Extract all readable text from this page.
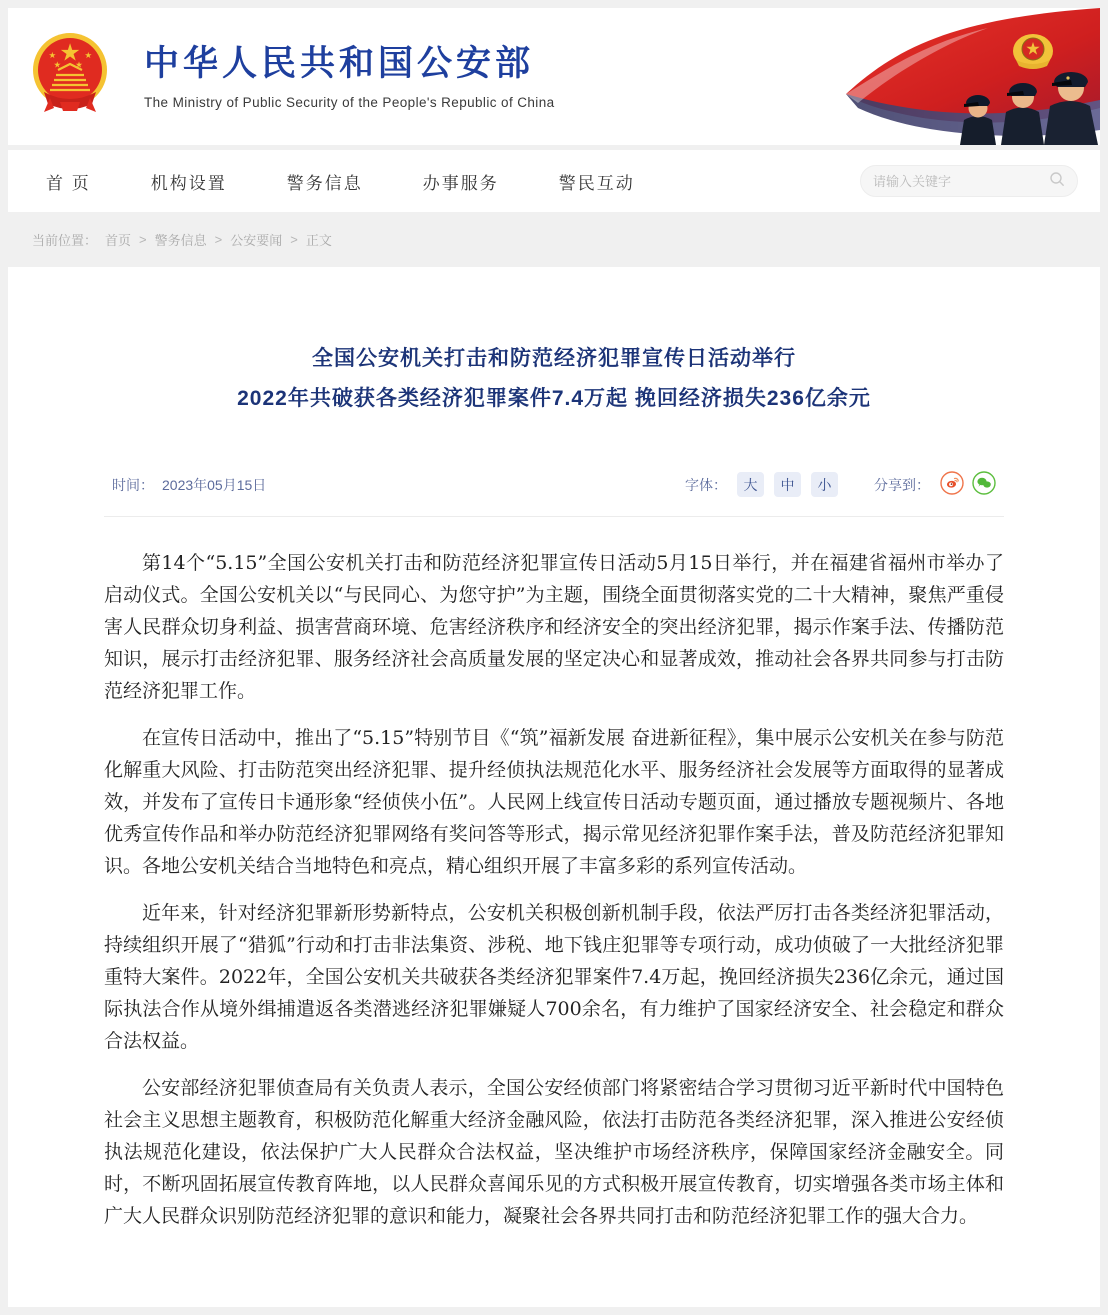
中华人民共和国公安部
The Ministry of Public Security of the People's Republic of China
首 页	机构设置	警务信息	办事服务	警民互动
请输入关键字
当前位置： 首页 > 警务信息 > 公安要闻 > 正文
全国公安机关打击和防范经济犯罪宣传日活动举行
2022年共破获各类经济犯罪案件7.4万起 挽回经济损失236亿余元
时间： 2023年05月15日	字体：	大	中	小	分享到：

第14个“5.15”全国公安机关打击和防范经济犯罪宣传日活动5月15日举行，并在福建省福州市举办了启动仪式。全国公安机关以“与民同心、为您守护”为主题，围绕全面贯彻落实党的二十大精神，聚焦严重侵害人民群众切身利益、损害营商环境、危害经济秩序和经济安全的突出经济犯罪，揭示作案手法、传播防范知识，展示打击经济犯罪、服务经济社会高质量发展的坚定决心和显著成效，推动社会各界共同参与打击防范经济犯罪工作。

在宣传日活动中，推出了“5.15”特别节目《“筑”福新发展 奋进新征程》，集中展示公安机关在参与防范化解重大风险、打击防范突出经济犯罪、提升经侦执法规范化水平、服务经济社会发展等方面取得的显著成效，并发布了宣传日卡通形象“经侦侠小伍”。人民网上线宣传日活动专题页面，通过播放专题视频片、各地优秀宣传作品和举办防范经济犯罪网络有奖问答等形式，揭示常见经济犯罪作案手法，普及防范经济犯罪知识。各地公安机关结合当地特色和亮点，精心组织开展了丰富多彩的系列宣传活动。

近年来，针对经济犯罪新形势新特点，公安机关积极创新机制手段，依法严厉打击各类经济犯罪活动，持续组织开展了“猎狐”行动和打击非法集资、涉税、地下钱庄犯罪等专项行动，成功侦破了一大批经济犯罪重特大案件。2022年，全国公安机关共破获各类经济犯罪案件7.4万起，挽回经济损失236亿余元，通过国际执法合作从境外缉捕遣返各类潜逃经济犯罪嫌疑人700余名，有力维护了国家经济安全、社会稳定和群众合法权益。

公安部经济犯罪侦查局有关负责人表示，全国公安经侦部门将紧密结合学习贯彻习近平新时代中国特色社会主义思想主题教育，积极防范化解重大经济金融风险，依法打击防范各类经济犯罪，深入推进公安经侦执法规范化建设，依法保护广大人民群众合法权益，坚决维护市场经济秩序，保障国家经济金融安全。同时，不断巩固拓展宣传教育阵地，以人民群众喜闻乐见的方式积极开展宣传教育，切实增强各类市场主体和广大人民群众识别防范经济犯罪的意识和能力，凝聚社会各界共同打击和防范经济犯罪工作的强大合力。
